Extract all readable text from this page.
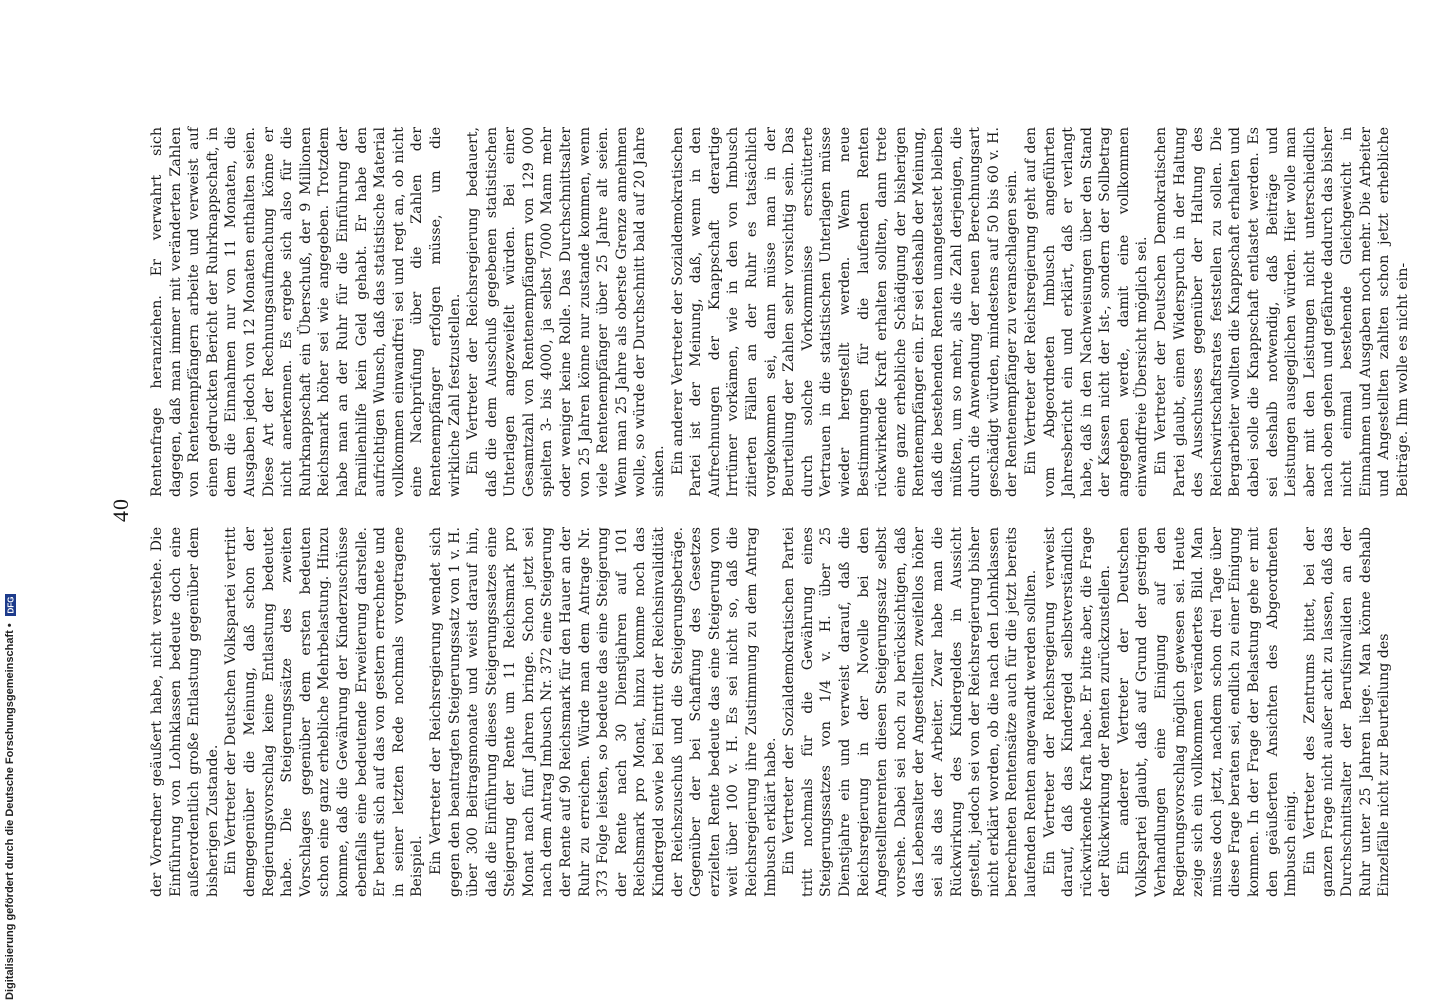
40

der Vorredner geäußert habe, nicht verstehe. Die Einführung von Lohnklassen bedeute doch eine außerordentlich große Entlastung gegenüber dem bisherigen Zustande. Ein Vertreter der Deutschen Volkspartei vertritt demgegenüber die Meinung, daß schon der Regierungsvorschlag keine Entlastung bedeutet habe. Die Steigerungssätze des zweiten Vorschlages gegenüber dem ersten bedeuten schon eine ganz erhebliche Mehrbelastung. Hinzu komme, daß die Gewährung der Kinderzuschüsse ebenfalls eine bedeutende Erweiterung darstelle. Er beruft sich auf das von gestern errechnete und in seiner letzten Rede nochmals vorgetragene Beispiel. Ein Vertreter der Reichsregierung wendet sich gegen den beantragten Steigerungssatz von 1 v. H. über 300 Beitragsmonate und weist darauf hin, daß die Einführung dieses Steigerungssatzes eine Steigerung der Rente um 11 Reichsmark pro Monat nach fünf Jahren bringe. Schon jetzt sei nach dem Antrag Imbusch Nr. 372 eine Steigerung der Rente auf 90 Reichsmark für den Hauer an der Ruhr zu erreichen. Würde man dem Antrage Nr. 373 Folge leisten, so bedeute das eine Steigerung der Rente nach 30 Dienstjahren auf 101 Reichsmark pro Monat, hinzu komme noch das Kindergeld sowie bei Eintritt der Reichsinvalidität der Reichszuschuß und die Steigerungsbeträge. Gegenüber der bei Schaffung des Gesetzes erzielten Rente bedeute das eine Steigerung von weit über 100 v. H. Es sei nicht so, daß die Reichsregierung ihre Zustimmung zu dem Antrag Imbusch erklärt habe. Ein Vertreter der Sozialdemokratischen Partei tritt nochmals für die Gewährung eines Steigerungssatzes von 1/4 v. H. über 25 Dienstjahre ein und verweist darauf, daß die Reichsregierung in der Novelle bei den Angestelltenrenten diesen Steigerungssatz selbst vorsehe. Dabei sei noch zu berücksichtigen, daß das Lebensalter der Angestellten zweifellos höher sei als das der Arbeiter. Zwar habe man die Rückwirkung des Kindergeldes in Aussicht gestellt, jedoch sei von der Reichsregierung bisher nicht erklärt worden, ob die nach den Lohnklassen berechneten Rentensätze auch für die jetzt bereits laufenden Renten angewandt werden sollten. Ein Vertreter der Reichsregierung verweist darauf, daß das Kindergeld selbstverständlich rückwirkende Kraft habe. Er bitte aber, die Frage der Rückwirkung der Renten zurückzustellen. Ein anderer Vertreter der Deutschen Volkspartei glaubt, daß auf Grund der gestrigen Verhandlungen eine Einigung auf den Regierungsvorschlag möglich gewesen sei. Heute zeige sich ein vollkommen verändertes Bild. Man müsse doch jetzt, nachdem schon drei Tage über diese Frage beraten sei, endlich zu einer Einigung kommen. In der Frage der Belastung gehe er mit den geäußerten Ansichten des Abgeordneten Imbusch einig. Ein Vertreter des Zentrums bittet, bei der ganzen Frage nicht außer acht zu lassen, daß das Durchschnittsalter der Berufsinvaliden an der Ruhr unter 25 Jahren liege. Man könne deshalb Einzelfälle nicht zur Beurteilung des

Rentenfrage heranziehen. Er verwahrt sich dagegen, daß man immer mit veränderten Zahlen von Rentenempfängern arbeite und verweist auf einen gedruckten Bericht der Ruhrknappschaft, in dem die Einnahmen nur von 11 Monaten, die Ausgaben jedoch von 12 Monaten enthalten seien. Diese Art der Rechnungsaufmachung könne er nicht anerkennen. Es ergebe sich also für die Ruhrknappschaft ein Überschuß, der 9 Millionen Reichsmark höher sei wie angegeben. Trotzdem habe man an der Ruhr für die Einführung der Familienhilfe kein Geld gehabt. Er habe den aufrichtigen Wunsch, daß das statistische Material vollkommen einwandfrei sei und regt an, ob nicht eine Nachprüfung über die Zahlen der Rentenempfänger erfolgen müsse, um die wirkliche Zahl festzustellen. Ein Vertreter der Reichsregierung bedauert, daß die dem Ausschuß gegebenen statistischen Unterlagen angezweifelt würden. Bei einer Gesamtzahl von Rentenempfängern von 129 000 spielten 3- bis 4000, ja selbst 7000 Mann mehr oder weniger keine Rolle. Das Durchschnittsalter von 25 Jahren könne nur zustande kommen, wenn viele Rentenempfänger über 25 Jahre alt seien. Wenn man 25 Jahre als oberste Grenze annehmen wolle, so würde der Durchschnitt bald auf 20 Jahre sinken. Ein anderer Vertreter der Sozialdemokratischen Partei ist der Meinung, daß, wenn in den Aufrechnungen der Knappschaft derartige Irrtümer vorkämen, wie in den von Imbusch zitierten Fällen an der Ruhr es tatsächlich vorgekommen sei, dann müsse man in der Beurteilung der Zahlen sehr vorsichtig sein. Das durch solche Vorkommnisse erschütterte Vertrauen in die statistischen Unterlagen müsse wieder hergestellt werden. Wenn neue Bestimmungen für die laufenden Renten rückwirkende Kraft erhalten sollten, dann trete eine ganz erhebliche Schädigung der bisherigen Rentenempfänger ein. Er sei deshalb der Meinung, daß die bestehenden Renten unangetastet bleiben müßten, um so mehr, als die Zahl derjenigen, die durch die Anwendung der neuen Berechnungsart geschädigt würden, mindestens auf 50 bis 60 v. H. der Rentenempfänger zu veranschlagen sein. Ein Vertreter der Reichsregierung geht auf den vom Abgeordneten Imbusch angeführten Jahresbericht ein und erklärt, daß er verlangt habe, daß in den Nachweisungen über den Stand der Kassen nicht der Ist-, sondern der Sollbetrag angegeben werde, damit eine vollkommen einwandfreie Übersicht möglich sei. Ein Vertreter der Deutschen Demokratischen Partei glaubt, einen Widerspruch in der Haltung des Ausschusses gegenüber der Haltung des Reichswirtschaftsrates feststellen zu sollen. Die Bergarbeiter wollten die Knappschaft erhalten und dabei solle die Knappschaft entlastet werden. Es sei deshalb notwendig, daß Beiträge und Leistungen ausgeglichen würden. Hier wolle man aber mit den Leistungen nicht unterschiedlich nach oben gehen und gefährde dadurch das bisher nicht einmal bestehende Gleichgewicht in Einnahmen und Ausgaben noch mehr. Die Arbeiter und Angestellten zahlten schon jetzt erhebliche Beiträge. Ihm wolle es nicht ein-

Digitalisierung gefördert durch die Deutsche Forschungsgemeinschaft •
DFG
